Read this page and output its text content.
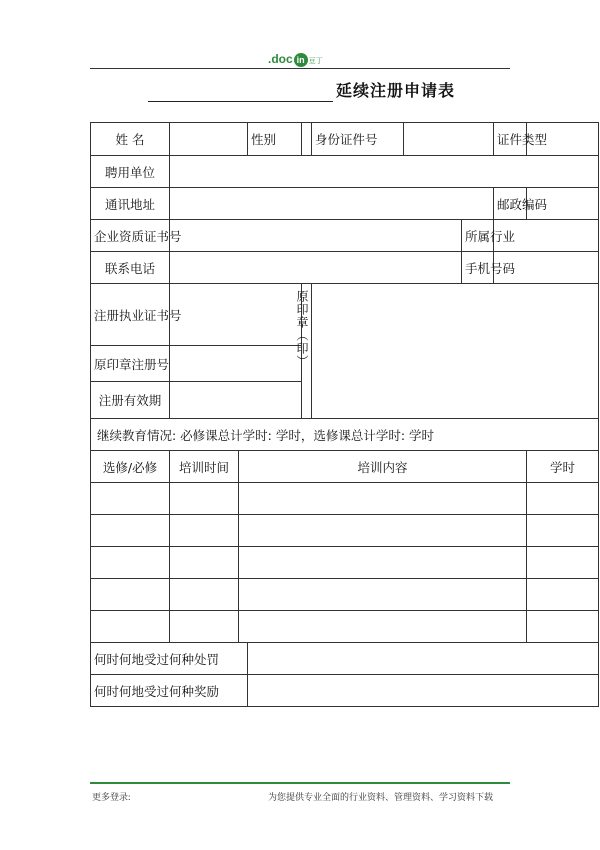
.doc in 豆丁
延续注册申请表
姓 名			性别		身份证件号			证件类型	
聘用单位									
通讯地址								邮政编码	
企业资质证书号							所属行业		
联系电话							手机号码		
注册执业证书号				原印章（印）					
原印章注册号									
注册有效期									
继续教育情况: 必修课总计学时: 学时，选修课总计学时: 学时									
选修/必修	培训时间	培训内容							学时

何时何地受过何种处罚									
何时何地受过何种奖励									
更多登录:	为您提供专业全面的行业资料、管理资料、学习资料下载
